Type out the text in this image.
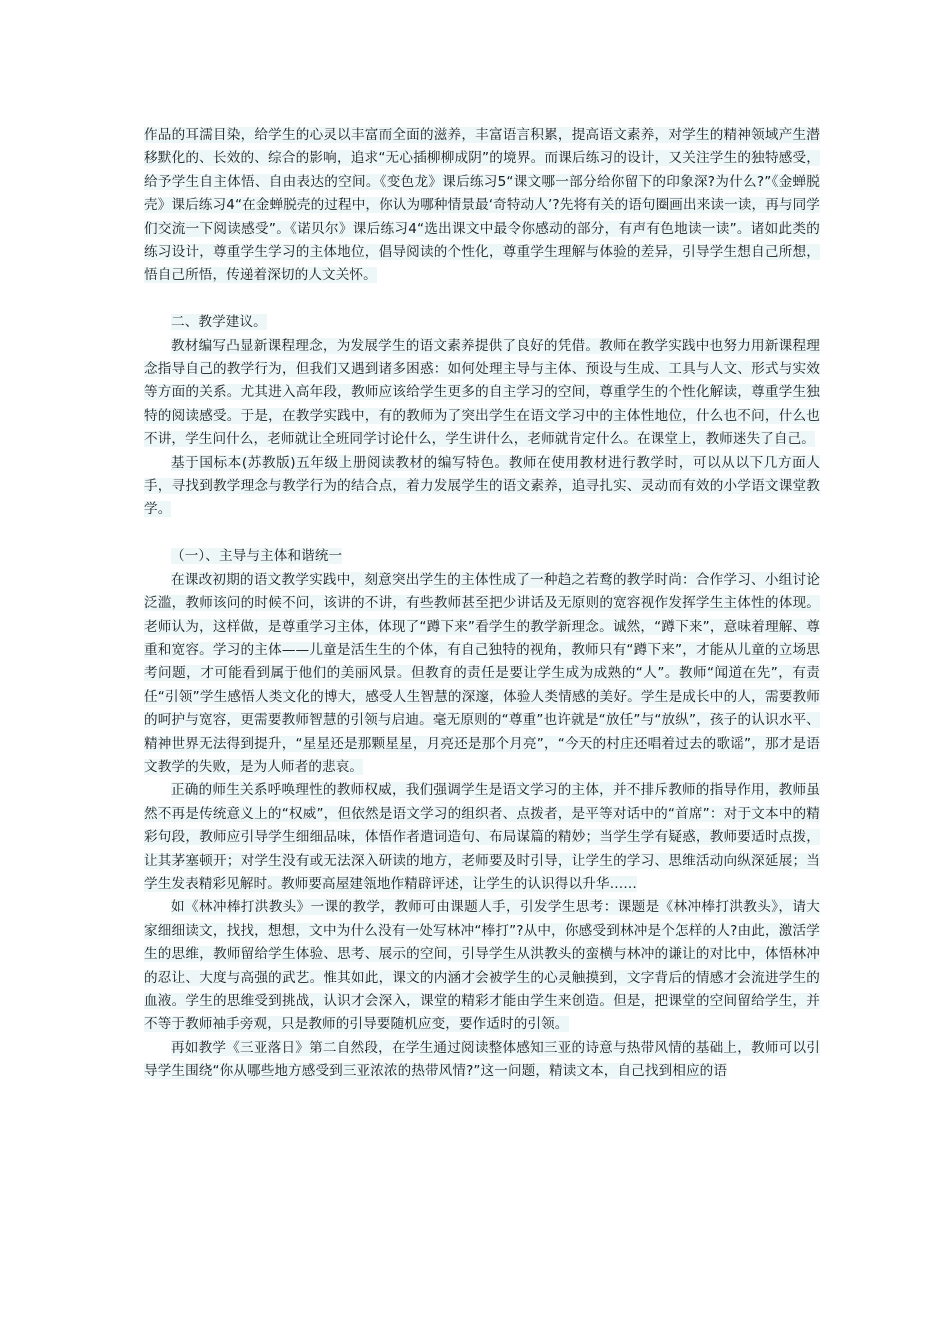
作品的耳濡目染，给学生的心灵以丰富而全面的滋养，丰富语言积累，提高语文素养，对学生的精神领域产生潜移默化的、长效的、综合的影响，追求“无心插柳柳成阴”的境界。而课后练习的设计，又关注学生的独特感受，给予学生自主体悟、自由表达的空间。《变色龙》课后练习5“课文哪一部分给你留下的印象深?为什么?”《金蝉脱壳》课后练习4“在金蝉脱壳的过程中，你认为哪种情景最‘奇特动人’?先将有关的语句圈画出来读一读，再与同学们交流一下阅读感受”。《诺贝尔》课后练习4“选出课文中最令你感动的部分，有声有色地读一读”。诸如此类的练习设计，尊重学生学习的主体地位，倡导阅读的个性化，尊重学生理解与体验的差异，引导学生想自己所想，悟自己所悟，传递着深切的人文关怀。

二、教学建议。

教材编写凸显新课程理念，为发展学生的语文素养提供了良好的凭借。教师在教学实践中也努力用新课程理念指导自己的教学行为，但我们又遇到诸多困惑：如何处理主导与主体、预设与生成、工具与人文、形式与实效等方面的关系。尤其进入高年段，教师应该给学生更多的自主学习的空间，尊重学生的个性化解读，尊重学生独特的阅读感受。于是，在教学实践中，有的教师为了突出学生在语文学习中的主体性地位，什么也不问，什么也不讲，学生问什么，老师就让全班同学讨论什么，学生讲什么，老师就肯定什么。在课堂上，教师迷失了自己。

基于国标本(苏教版)五年级上册阅读教材的编写特色。教师在使用教材进行教学时，可以从以下几方面人手，寻找到教学理念与教学行为的结合点，着力发展学生的语文素养，追寻扎实、灵动而有效的小学语文课堂教学。

（一）、主导与主体和谐统一

在课改初期的语文教学实践中，刻意突出学生的主体性成了一种趋之若鹜的教学时尚：合作学习、小组讨论泛滥，教师该问的时候不问，该讲的不讲，有些教师甚至把少讲话及无原则的宽容视作发挥学生主体性的体现。老师认为，这样做，是尊重学习主体，体现了“蹲下来”看学生的教学新理念。诚然，“蹲下来”，意味着理解、尊重和宽容。学习的主体——儿童是活生生的个体，有自己独特的视角，教师只有“蹲下来”，才能从儿童的立场思考问题，才可能看到属于他们的美丽风景。但教育的责任是要让学生成为成熟的“人”。教师“闻道在先”，有责任“引领”学生感悟人类文化的博大，感受人生智慧的深邃，体验人类情感的美好。学生是成长中的人，需要教师的呵护与宽容，更需要教师智慧的引领与启迪。毫无原则的“尊重”也许就是“放任”与“放纵”，孩子的认识水平、精神世界无法得到提升，“星星还是那颗星星，月亮还是那个月亮”，“今天的村庄还唱着过去的歌谣”，那才是语文教学的失败，是为人师者的悲哀。

正确的师生关系呼唤理性的教师权威，我们强调学生是语文学习的主体，并不排斥教师的指导作用，教师虽然不再是传统意义上的“权威”，但依然是语文学习的组织者、点拨者，是平等对话中的“首席”：对于文本中的精彩句段，教师应引导学生细细品味，体悟作者遣词造句、布局谋篇的精妙；当学生学有疑惑，教师要适时点拨，让其茅塞顿开；对学生没有或无法深入研读的地方，老师要及时引导，让学生的学习、思维活动向纵深延展；当学生发表精彩见解时。教师要高屋建瓴地作精辟评述，让学生的认识得以升华……

如《林冲棒打洪教头》一课的教学，教师可由课题人手，引发学生思考：课题是《林冲棒打洪教头》，请大家细细读文，找找，想想，文中为什么没有一处写林冲“棒打”?从中，你感受到林冲是个怎样的人?由此，激活学生的思维，教师留给学生体验、思考、展示的空间，引导学生从洪教头的蛮横与林冲的谦让的对比中，体悟林冲的忍让、大度与高强的武艺。惟其如此，课文的内涵才会被学生的心灵触摸到，文字背后的情感才会流进学生的血液。学生的思维受到挑战，认识才会深入，课堂的精彩才能由学生来创造。但是，把课堂的空间留给学生，并不等于教师袖手旁观，只是教师的引导要随机应变，要作适时的引领。

再如教学《三亚落日》第二自然段，在学生通过阅读整体感知三亚的诗意与热带风情的基础上，教师可以引导学生围绕“你从哪些地方感受到三亚浓浓的热带风情?”这一问题，精读文本，自己找到相应的语
